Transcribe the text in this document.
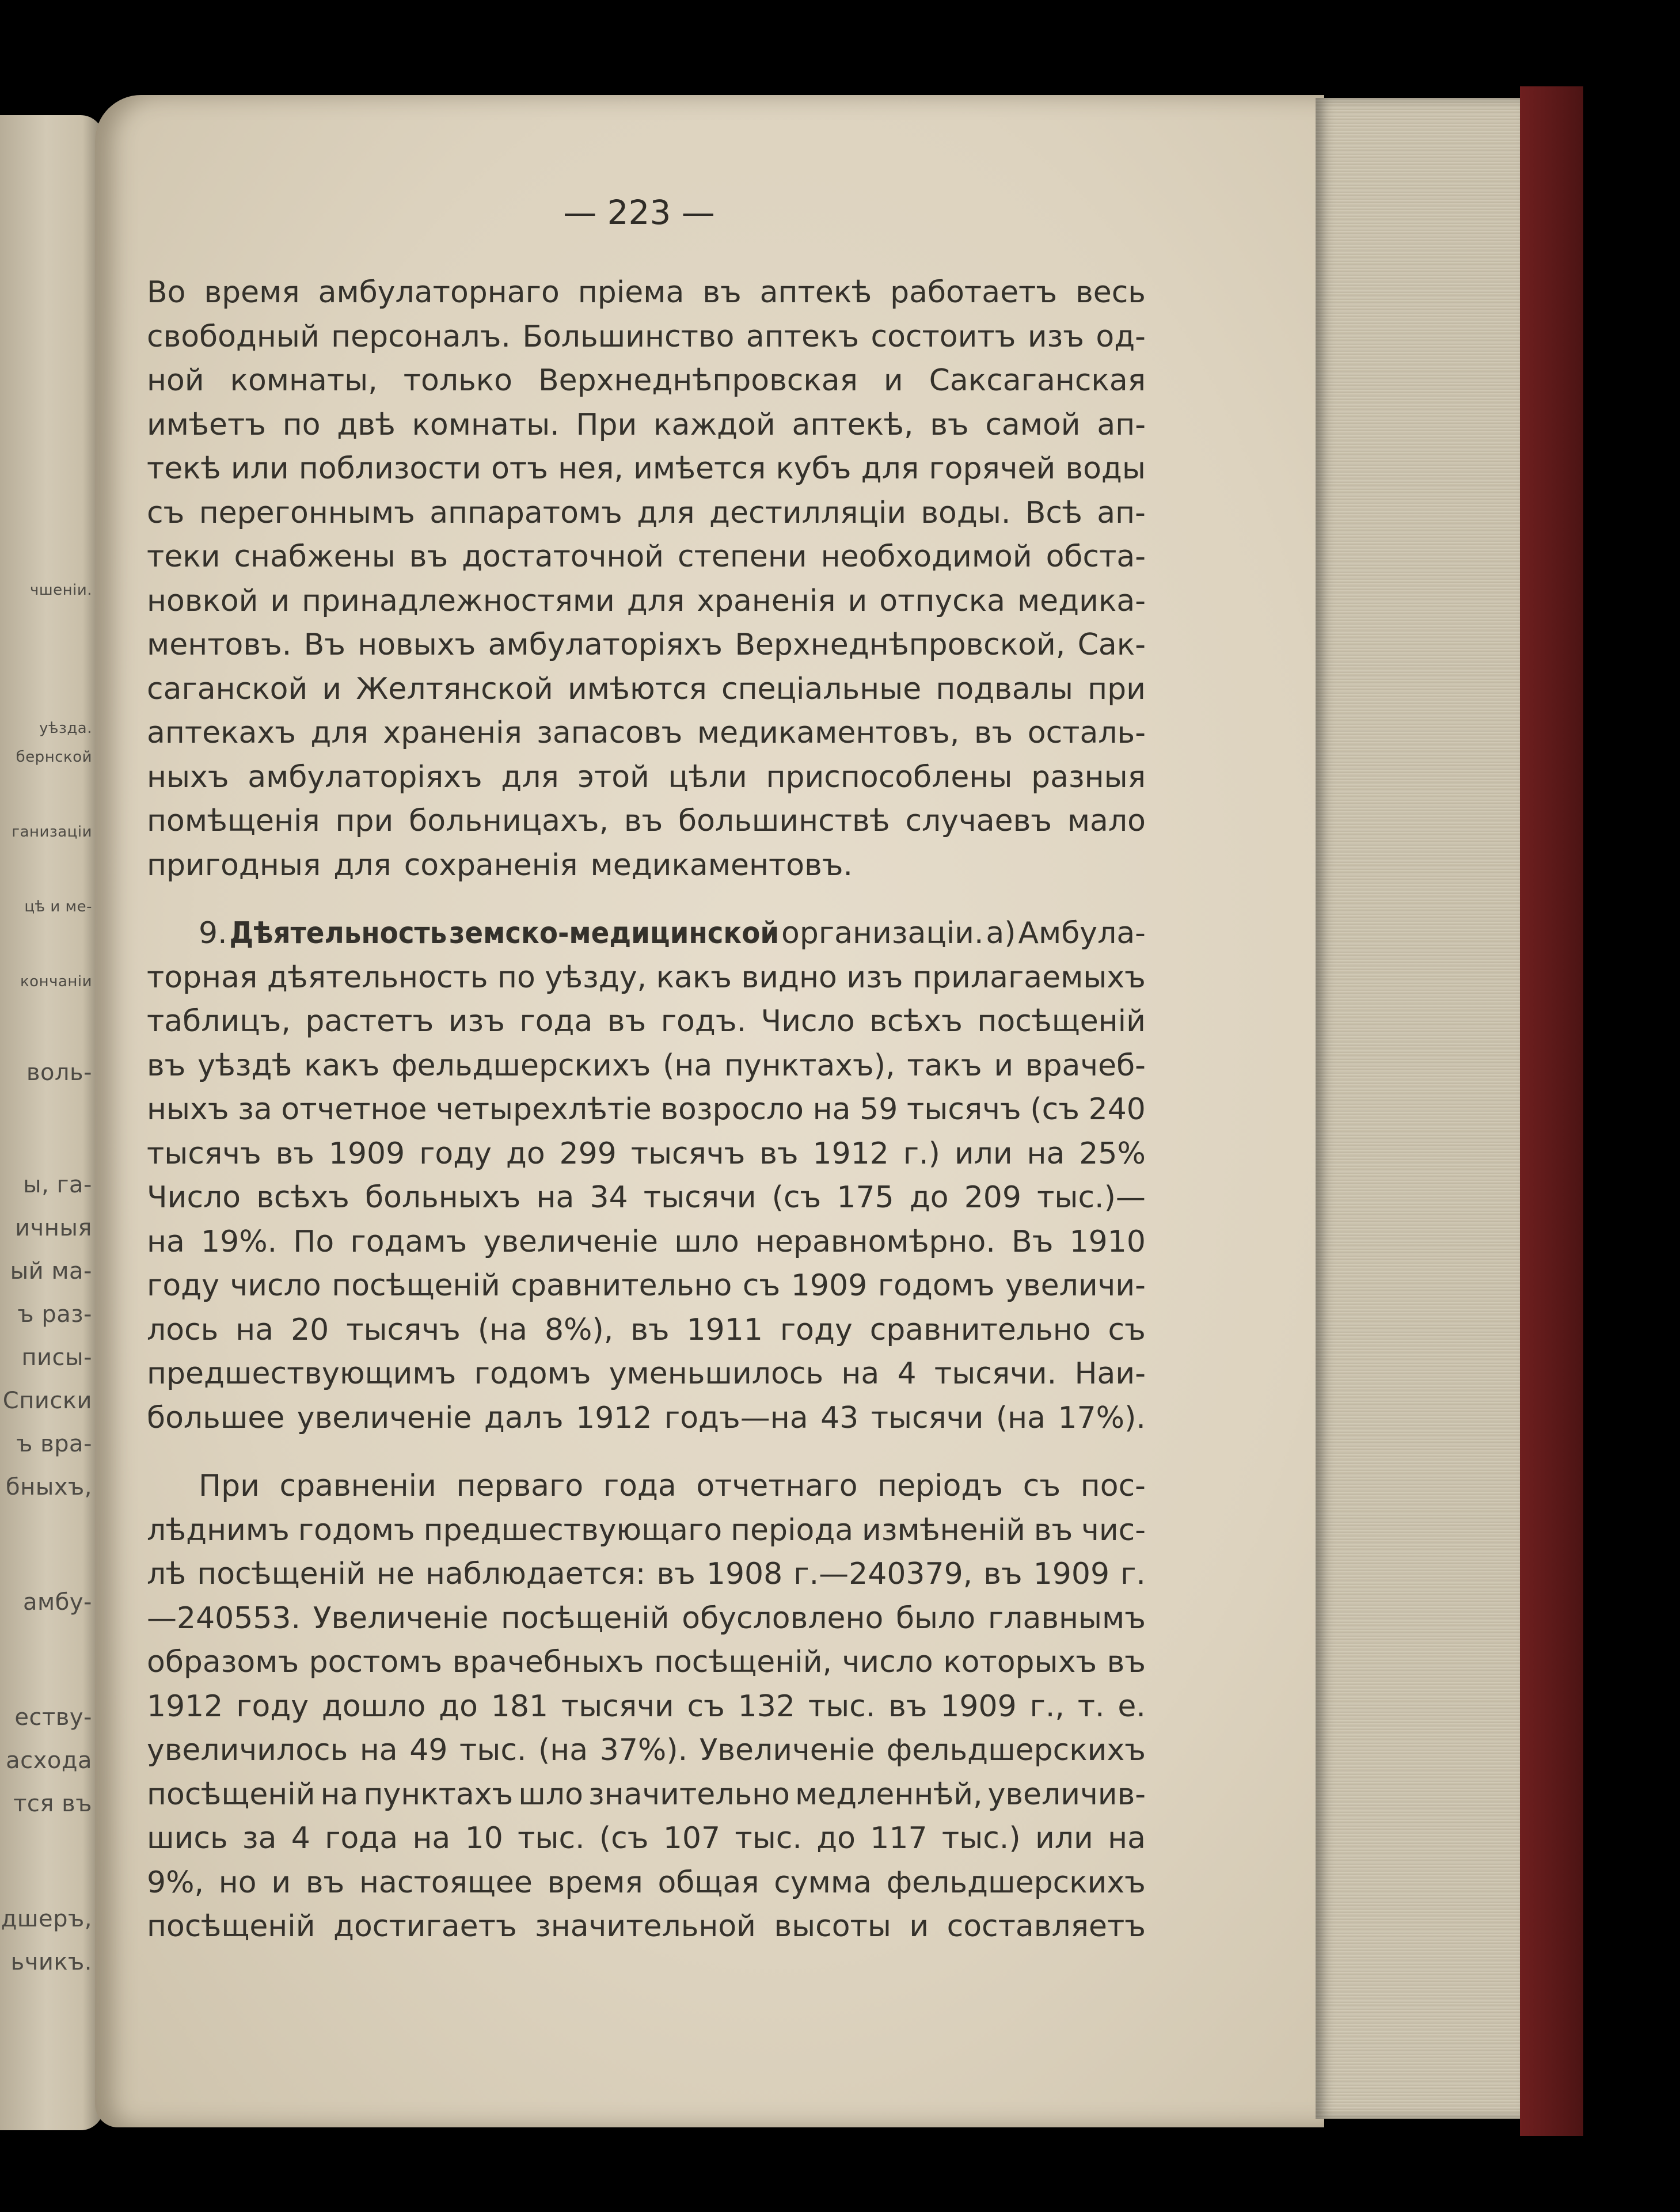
чшеніи.
уѣзда.
бернской
ганизаціи
цѣ и ме-
кончаніи
воль-
ы, га-
ичныя
ый ма-
ъ раз-
писы-
Списки
ъ вра-
бныхъ,
амбу-
еству-
асхода
тся въ
дшеръ,
ьчикъ.
— 223 —
Во время амбулаторнаго пріема въ аптекѣ работаетъ весь
свободный персоналъ. Большинство аптекъ состоитъ изъ од-
ной комнаты, только Верхнеднѣпровская и Саксаганская
имѣетъ по двѣ комнаты. При каждой аптекѣ, въ самой ап-
текѣ или поблизости отъ нея, имѣется кубъ для горячей воды
съ перегоннымъ аппаратомъ для дестилляціи воды. Всѣ ап-
теки снабжены въ достаточной степени необходимой обста-
новкой и принадлежностями для храненія и отпуска медика-
ментовъ. Въ новыхъ амбулаторіяхъ Верхнеднѣпровской, Сак-
саганской и Желтянской имѣются спеціальные подвалы при
аптекахъ для храненія запасовъ медикаментовъ, въ осталь-
ныхъ амбулаторіяхъ для этой цѣли приспособлены разныя
помѣщенія при больницахъ, въ большинствѣ случаевъ мало
пригодныя для сохраненія медикаментовъ.
9. Дѣятельность земско-медицинской организаціи. а) Амбула-
торная дѣятельность по уѣзду, какъ видно изъ прилагаемыхъ
таблицъ, растетъ изъ года въ годъ. Число всѣхъ посѣщеній
въ уѣздѣ какъ фельдшерскихъ (на пунктахъ), такъ и врачеб-
ныхъ за отчетное четырехлѣтіе возросло на 59 тысячъ (съ 240
тысячъ въ 1909 году до 299 тысячъ въ 1912 г.) или на 25%
Число всѣхъ больныхъ на 34 тысячи (съ 175 до 209 тыс.)—
на 19%. По годамъ увеличеніе шло неравномѣрно. Въ 1910
году число посѣщеній сравнительно съ 1909 годомъ увеличи-
лось на 20 тысячъ (на 8%), въ 1911 году сравнительно съ
предшествующимъ годомъ уменьшилось на 4 тысячи. Наи-
большее увеличеніе далъ 1912 годъ—на 43 тысячи (на 17%).
При сравненіи перваго года отчетнаго періодъ съ пос-
лѣднимъ годомъ предшествующаго періода измѣненій въ чис-
лѣ посѣщеній не наблюдается: въ 1908 г.—240379, въ 1909 г.
—240553. Увеличеніе посѣщеній обусловлено было главнымъ
образомъ ростомъ врачебныхъ посѣщеній, число которыхъ въ
1912 году дошло до 181 тысячи съ 132 тыс. въ 1909 г., т. е.
увеличилось на 49 тыс. (на 37%). Увеличеніе фельдшерскихъ
посѣщеній на пунктахъ шло значительно медленнѣй, увеличив-
шись за 4 года на 10 тыс. (съ 107 тыс. до 117 тыс.) или на
9%, но и въ настоящее время общая сумма фельдшерскихъ
посѣщеній достигаетъ значительной высоты и составляетъ
